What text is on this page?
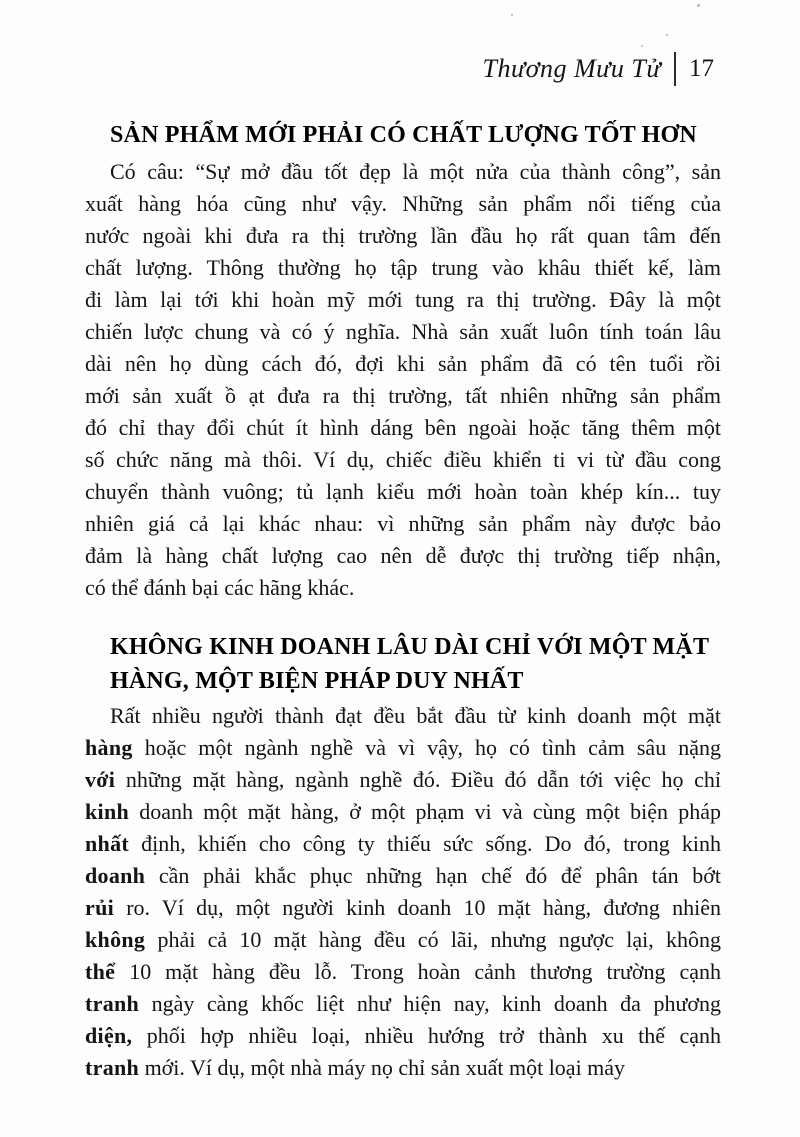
Thương Mưu Tử 17
SẢN PHẨM MỚI PHẢI CÓ CHẤT LƯỢNG TỐT HƠN
Có câu: “Sự mở đầu tốt đẹp là một nửa của thành công”, sản
xuất hàng hóa cũng như vậy. Những sản phẩm nổi tiếng của
nước ngoài khi đưa ra thị trường lần đầu họ rất quan tâm đến
chất lượng. Thông thường họ tập trung vào khâu thiết kế, làm
đi làm lại tới khi hoàn mỹ mới tung ra thị trường. Đây là một
chiến lược chung và có ý nghĩa. Nhà sản xuất luôn tính toán lâu
dài nên họ dùng cách đó, đợi khi sản phẩm đã có tên tuổi rồi
mới sản xuất ồ ạt đưa ra thị trường, tất nhiên những sản phẩm
đó chỉ thay đổi chút ít hình dáng bên ngoài hoặc tăng thêm một
số chức năng mà thôi. Ví dụ, chiếc điều khiển ti vi từ đầu cong
chuyển thành vuông; tủ lạnh kiểu mới hoàn toàn khép kín... tuy
nhiên giá cả lại khác nhau: vì những sản phẩm này được bảo
đảm là hàng chất lượng cao nên dễ được thị trường tiếp nhận,
có thể đánh bại các hãng khác.
KHÔNG KINH DOANH LÂU DÀI CHỈ VỚI MỘT MẶT
HÀNG, MỘT BIỆN PHÁP DUY NHẤT
Rất nhiều người thành đạt đều bắt đầu từ kinh doanh một mặt
hàng hoặc một ngành nghề và vì vậy, họ có tình cảm sâu nặng
với những mặt hàng, ngành nghề đó. Điều đó dẫn tới việc họ chỉ
kinh doanh một mặt hàng, ở một phạm vi và cùng một biện pháp
nhất định, khiến cho công ty thiếu sức sống. Do đó, trong kinh
doanh cần phải khắc phục những hạn chế đó để phân tán bớt
rủi ro. Ví dụ, một người kinh doanh 10 mặt hàng, đương nhiên
không phải cả 10 mặt hàng đều có lãi, nhưng ngược lại, không
thể 10 mặt hàng đều lỗ. Trong hoàn cảnh thương trường cạnh
tranh ngày càng khốc liệt như hiện nay, kinh doanh đa phương
diện, phối hợp nhiều loại, nhiều hướng trở thành xu thế cạnh
tranh mới. Ví dụ, một nhà máy nọ chỉ sản xuất một loại máy
